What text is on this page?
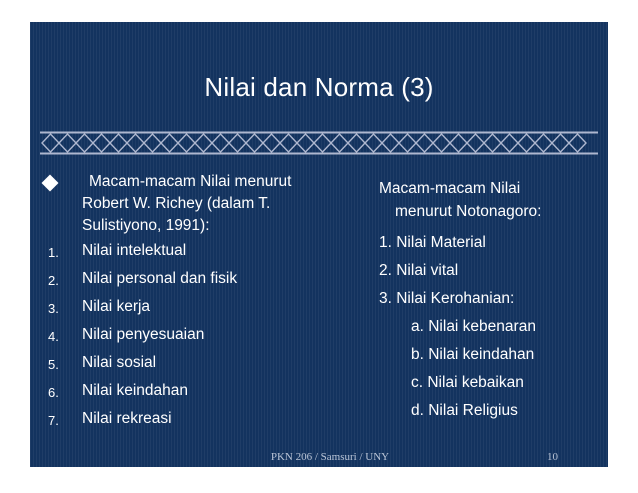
Nilai dan Norma (3)
Macam-macam Nilai menurut
Robert W. Richey (dalam T.
Sulistiyono, 1991):
1. Nilai intelektual
2. Nilai personal dan fisik
3. Nilai kerja
4. Nilai penyesuaian
5. Nilai sosial
6. Nilai keindahan
7. Nilai rekreasi
Macam-macam Nilai
menurut Notonagoro:
1. Nilai Material
2. Nilai vital
3. Nilai Kerohanian:
a. Nilai kebenaran
b. Nilai keindahan
c. Nilai kebaikan
d. Nilai Religius
PKN 206 / Samsuri / UNY	10
